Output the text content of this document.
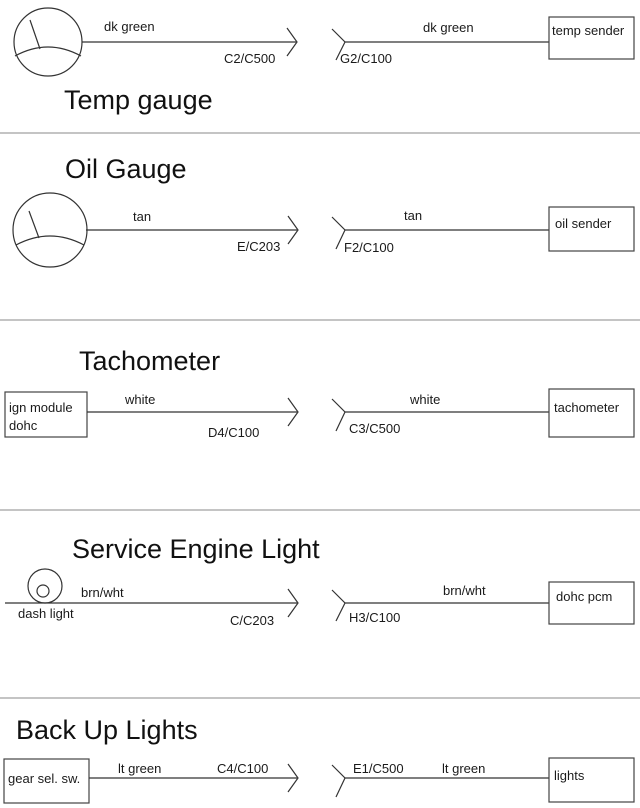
dk green
C2/C500	G2/C100
dk green	temp sender
Temp gauge
Oil Gauge
tan
E/C203	F2/C100
tan
oil sender
Tachometer
ign module
dohc
white
D4/C100	C3/C500
white
tachometer
Service Engine Light
dash light
brn/wht
C/C203	H3/C100
brn/wht	dohc pcm
Back Up Lights
gear sel. sw.
lt green	C4/C100	E1/C500	lt green	lights
